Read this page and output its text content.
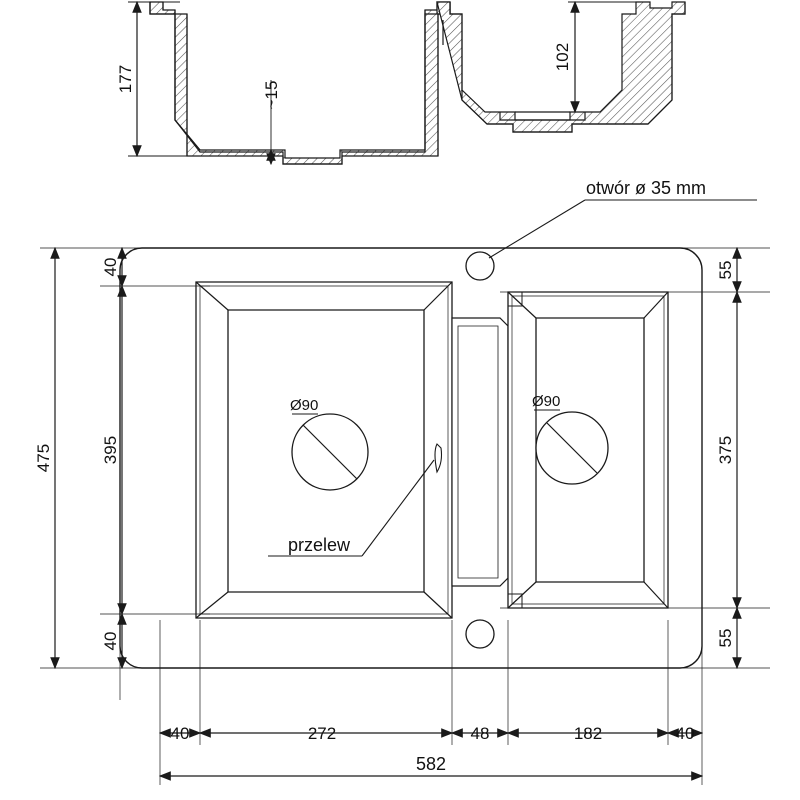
177
~15
102
Ø90	Ø90
otwór ø 35 mm
przelew
40
395
40
475
55
375
55
40	272	48	182	40
582
